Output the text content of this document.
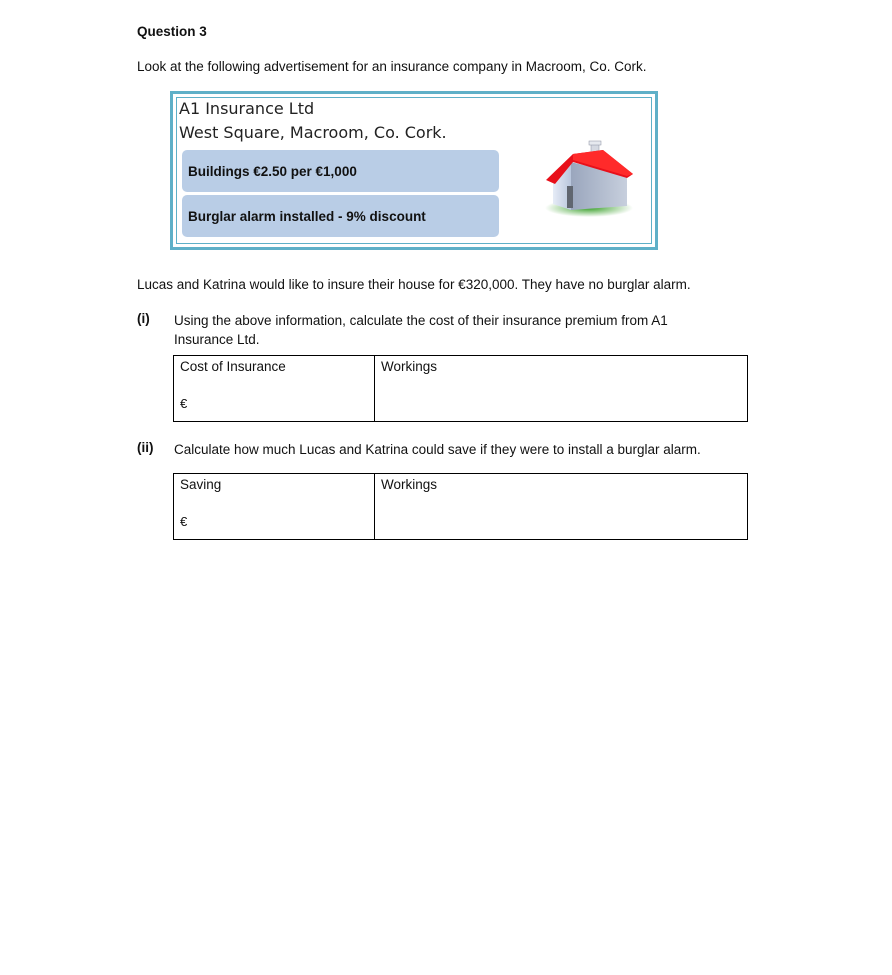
Question 3
Look at the following advertisement for an insurance company in Macroom, Co. Cork.
A1 Insurance Ltd
West Square, Macroom, Co. Cork.
Buildings €2.50 per €1,000
Burglar alarm installed - 9% discount
Lucas and Katrina would like to insure their house for €320,000. They have no burglar alarm.
(i) Using the above information, calculate the cost of their insurance premium from A1
Insurance Ltd.
Cost of Insurance	Workings
€
(ii) Calculate how much Lucas and Katrina could save if they were to install a burglar alarm.
Saving	Workings
€
